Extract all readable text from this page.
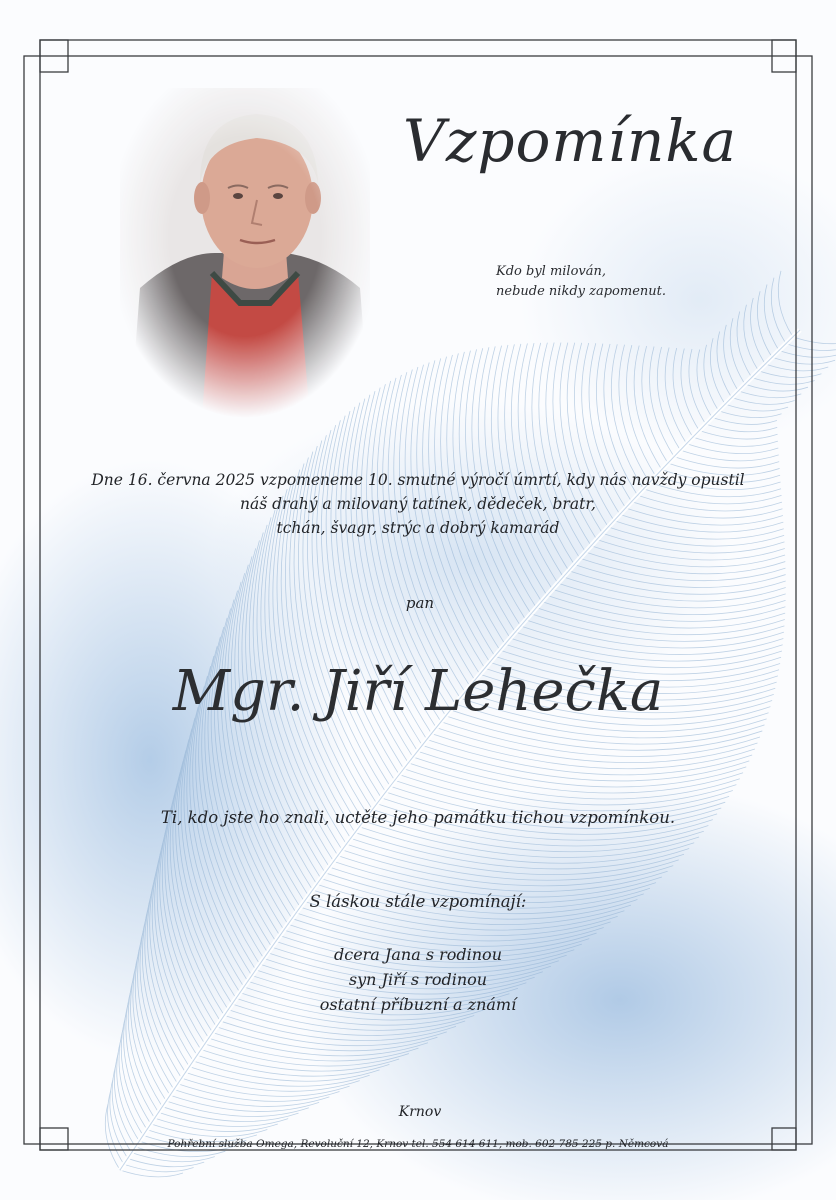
Vzpomínka
Kdo byl milován,
nebude nikdy zapomenut.
Dne 16. června 2025 vzpomeneme 10. smutné výročí úmrtí, kdy nás navždy opustil
náš drahý a milovaný tatínek, dědeček, bratr,
tchán, švagr, strýc a dobrý kamarád
pan
Mgr. Jiří Lehečka
Ti, kdo jste ho znali, uctěte jeho památku tichou vzpomínkou.
S láskou stále vzpomínají:
dcera Jana s rodinou
syn Jiří s rodinou
ostatní příbuzní a známí
Krnov
Pohřební služba Omega, Revoluční 12, Krnov tel. 554 614 611, mob. 602 785 225 p. Němcová
